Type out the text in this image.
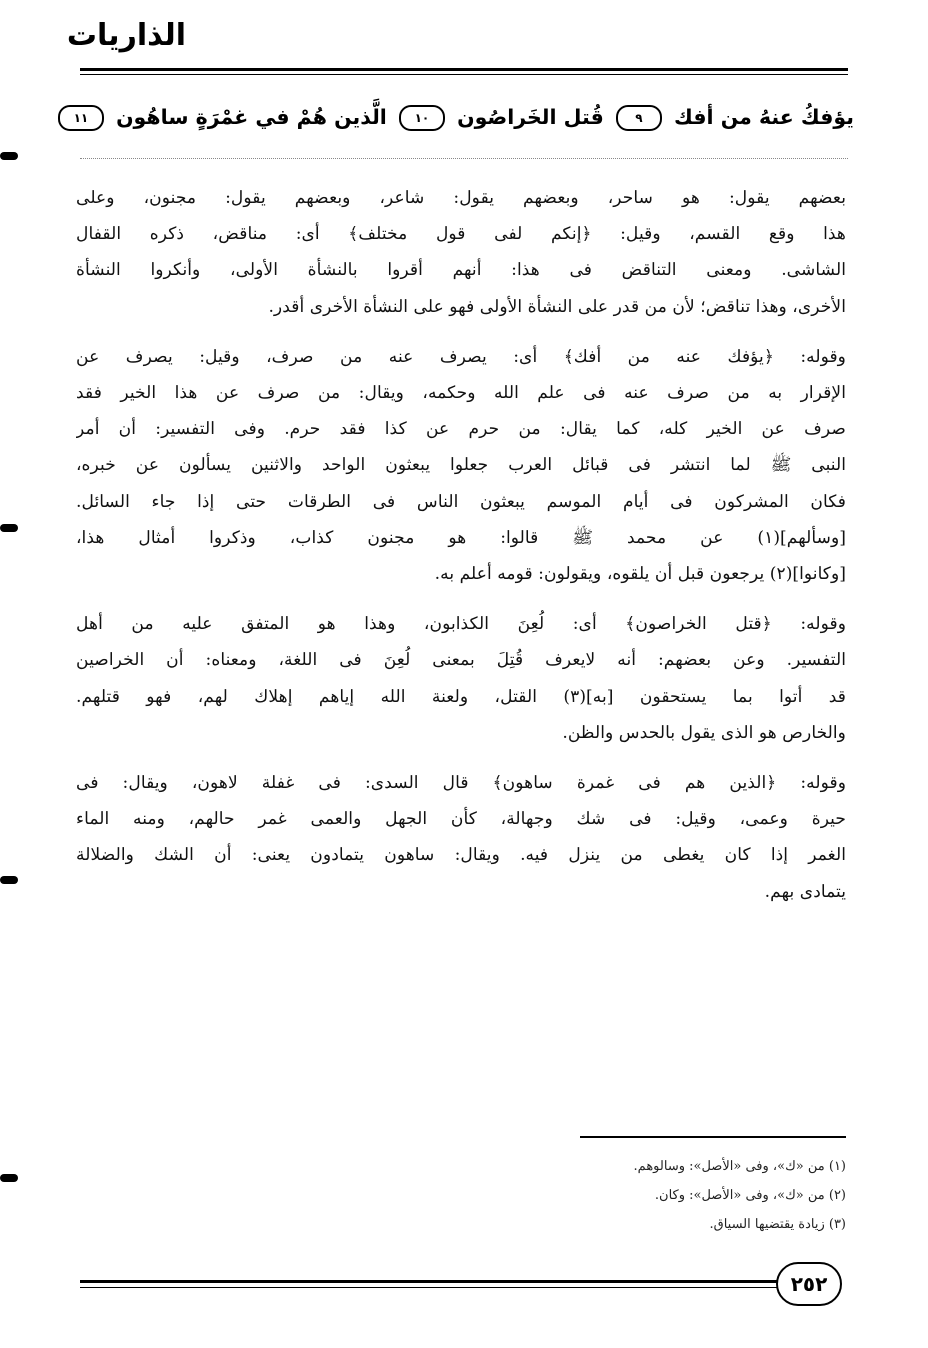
الذاريات
يؤفكُ عنهُ من أفك ٩ قُتل الخَراصُون ١٠ الَّذين هُمْ في غمْرَةٍ ساهُون ١١

بعضهم يقول: هو ساحر، وبعضهم يقول: شاعر، وبعضهم يقول: مجنون، وعلى
هذا وقع القسم، وقيل: ﴿إنكم لفى قول مختلف﴾ أى: مناقض، ذكره القفال
الشاشى. ومعنى التناقض فى هذا: أنهم أقروا بالنشأة الأولى، وأنكروا النشأة
الأخرى، وهذا تناقض؛ لأن من قدر على النشأة الأولى فهو على النشأة الأخرى أقدر.

وقوله: ﴿يؤفك عنه من أفك﴾ أى: يصرف عنه من صرف، وقيل: يصرف عن
الإقرار به من صرف عنه فى علم الله وحكمه، ويقال: من صرف عن هذا الخير فقد
صرف عن الخير كله، كما يقال: من حرم عن كذا فقد حرم. وفى التفسير: أن أمر
النبى ﷺ لما انتشر فى قبائل العرب جعلوا يبعثون الواحد والاثنين يسألون عن خبره،
فكان المشركون فى أيام الموسم يبعثون الناس فى الطرقات حتى إذا جاء السائل.
[وسألهم](١) عن محمد ﷺ قالوا: هو مجنون كذاب، وذكروا أمثال هذا،
[وكانوا](٢) يرجعون قبل أن يلقوه، ويقولون: قومه أعلم به.

وقوله: ﴿قتل الخراصون﴾ أى: لُعِنَ الكذابون، وهذا هو المتفق عليه من أهل
التفسير. وعن بعضهم: أنه لايعرف قُتِلَ بمعنى لُعِنَ فى اللغة، ومعناه: أن الخراصين
قد أتوا بما يستحقون [به](٣) القتل، ولعنة الله إياهم إهلاك لهم، فهو قتلهم.
والخارص هو الذى يقول بالحدس والظن.

وقوله: ﴿الذين هم فى غمرة ساهون﴾ قال السدى: فى غفلة لاهون، ويقال: فى
حيرة وعمى، وقيل: فى شك وجهالة، كأن الجهل والعمى غمر حالهم، ومنه الماء
الغمر إذا كان يغطى من ينزل فيه. ويقال: ساهون يتمادون يعنى: أن الشك والضلالة
يتمادى بهم.

(١) من «ك»، وفى «الأصل»: وسالوهم.
(٢) من «ك»، وفى «الأصل»: وكان.
(٣) زيادة يقتضيها السياق.
٢٥٢
